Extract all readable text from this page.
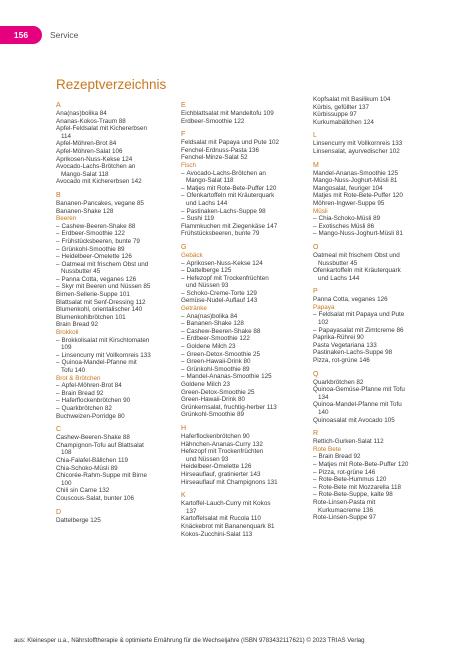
156	Service
Rezeptverzeichnis
A
Ana(nas)bolika 84
Ananas-Kokos-Traum 88
Apfel-Feldsalat mit Kichererbsen
114
Apfel-Möhren-Brot 84
Apfel-Möhren-Salat 106
Aprikosen-Nuss-Kekse 124
Avocado-Lachs-Brötchen an
Mango-Salat 118
Avocado mit Kichererbsen 142
B
Bananen-Pancakes, vegane 85
Bananen-Shake 128
Beeren
– Cashew-Beeren-Shake 88
– Erdbeer-Smoothie 122
– Frühstücksbeeren, bunte 79
– Grünkohl-Smoothie 89
– Heidelbeer-Omelette 126
– Oatmeal mit frischem Obst und
Nussbutter 45
– Panna Cotta, veganes 126
– Skyr mit Beeren und Nüssen 85
Birnen-Sellerie-Suppe 101
Blattsalat mit Senf-Dressing 112
Blumenkohl, orientalischer 140
Blumenkohlbrötchen 101
Brain Bread 92
Brokkoli
– Brokkolisalat mit Kirschtomaten
109
– Linsencurry mit Vollkornreis 133
– Quinoa-Mandel-Pfanne mit
Tofu 140
Brot & Brötchen
– Apfel-Möhren-Brot 84
– Brain Bread 92
– Haferflockenbrötchen 90
– Quarkbrötchen 82
Buchweizen-Porridge 80
C
Cashew-Beeren-Shake 88
Champignon-Tofu auf Blattsalat
108
Chia-Falafel-Bällchen 119
Chia-Schoko-Müsli 89
Chicorée-Rahm-Suppe mit Birne
100
Chili sin Carne 132
Couscous-Salat, bunter 106
D
Dattelberge 125
E
Eichblattsalat mit Mandeltofu 109
Erdbeer-Smoothie 122
F
Feldsalat mit Papaya und Pute 102
Fenchel-Erdnuss-Pasta 136
Fenchel-Minze-Salat 52
Fisch
– Avocado-Lachs-Brötchen an
Mango-Salat 118
– Matjes mit Rote-Bete-Puffer 120
– Ofenkartoffeln mit Kräuterquark
und Lachs 144
– Pastinaken-Lachs-Suppe 98
– Sushi 119
Flammkuchen mit Ziegenkäse 147
Frühstücksbeeren, bunte 79
G
Gebäck
– Aprikosen-Nuss-Kekse 124
– Dattelberge 125
– Hefezopf mit Trockenfrüchten
und Nüssen 93
– Schoko-Creme-Torte 129
Gemüse-Nudel-Auflauf 143
Getränke
– Ana(nas)bolika 84
– Bananen-Shake 128
– Cashew-Beeren-Shake 88
– Erdbeer-Smoothie 122
– Goldene Milch 23
– Green-Detox-Smoothie 25
– Green-Hawaii-Drink 80
– Grünkohl-Smoothie 89
– Mandel-Ananas-Smoothie 125
Goldene Milch 23
Green-Detox-Smoothie 25
Green-Hawaii-Drink 80
Grünkernsalat, fruchtig-herber 113
Grünkohl-Smoothie 89
H
Haferflockenbrötchen 90
Hähnchen-Ananas-Curry 132
Hefezopf mit Trockenfrüchten
und Nüssen 93
Heidelbeer-Omelette 126
Hirseauflauf, gratinierter 143
Hirseauflauf mit Champignons 131
K
Kartoffel-Lauch-Curry mit Kokos
137
Kartoffelsalat mit Rucola 110
Knäckebrot mit Bananenquark 81
Kokos-Zucchini-Salat 113
Kopfsalat mit Basilikum 104
Kürbis, gefüllter 137
Kürbissuppe 97
Kurkumabällchen 124
L
Linsencurry mit Vollkornreis 133
Linsensalat, ayurvedischer 102
M
Mandel-Ananas-Smoothie 125
Mango-Nuss-Joghurt-Müsli 81
Mangosalat, feuriger 104
Matjes mit Rote-Bete-Puffer 120
Möhren-Ingwer-Suppe 95
Müsli
– Chia-Schoko-Müsli 89
– Exotisches Müsli 86
– Mango-Nuss-Joghurt-Müsli 81
O
Oatmeal mit frischem Obst und
Nussbutter 45
Ofenkartoffeln mit Kräuterquark
und Lachs 144
P
Panna Cotta, veganes 126
Papaya
– Feldsalat mit Papaya und Pute
102
– Papayasalat mit Zimtcreme 86
Paprika-Rührei 90
Pasta Vegetariana 133
Pastinaken-Lachs-Suppe 98
Pizza, rot-grüne 146
Q
Quarkbrötchen 82
Quinoa-Gemüse-Pfanne mit Tofu
134
Quinoa-Mandel-Pfanne mit Tofu
140
Quinoasalat mit Avocado 105
R
Rettich-Gurken-Salat 112
Rote Bete
– Brain Bread 92
– Matjes mit Rote-Bete-Puffer 120
– Pizza, rot-grüne 146
– Rote-Bete-Hummus 120
– Rote-Bete mit Mozzarella 118
– Rote-Bete-Suppe, kalte 98
Rote-Linsen-Pasta mit
Kurkumacreme 136
Rote-Linsen-Suppe 97
aus: Kleinesper u.a., Nährstofftherapie & optimierte Ernährung für die Wechseljahre (ISBN 9783432117621) © 2023 TRIAS Verlag
